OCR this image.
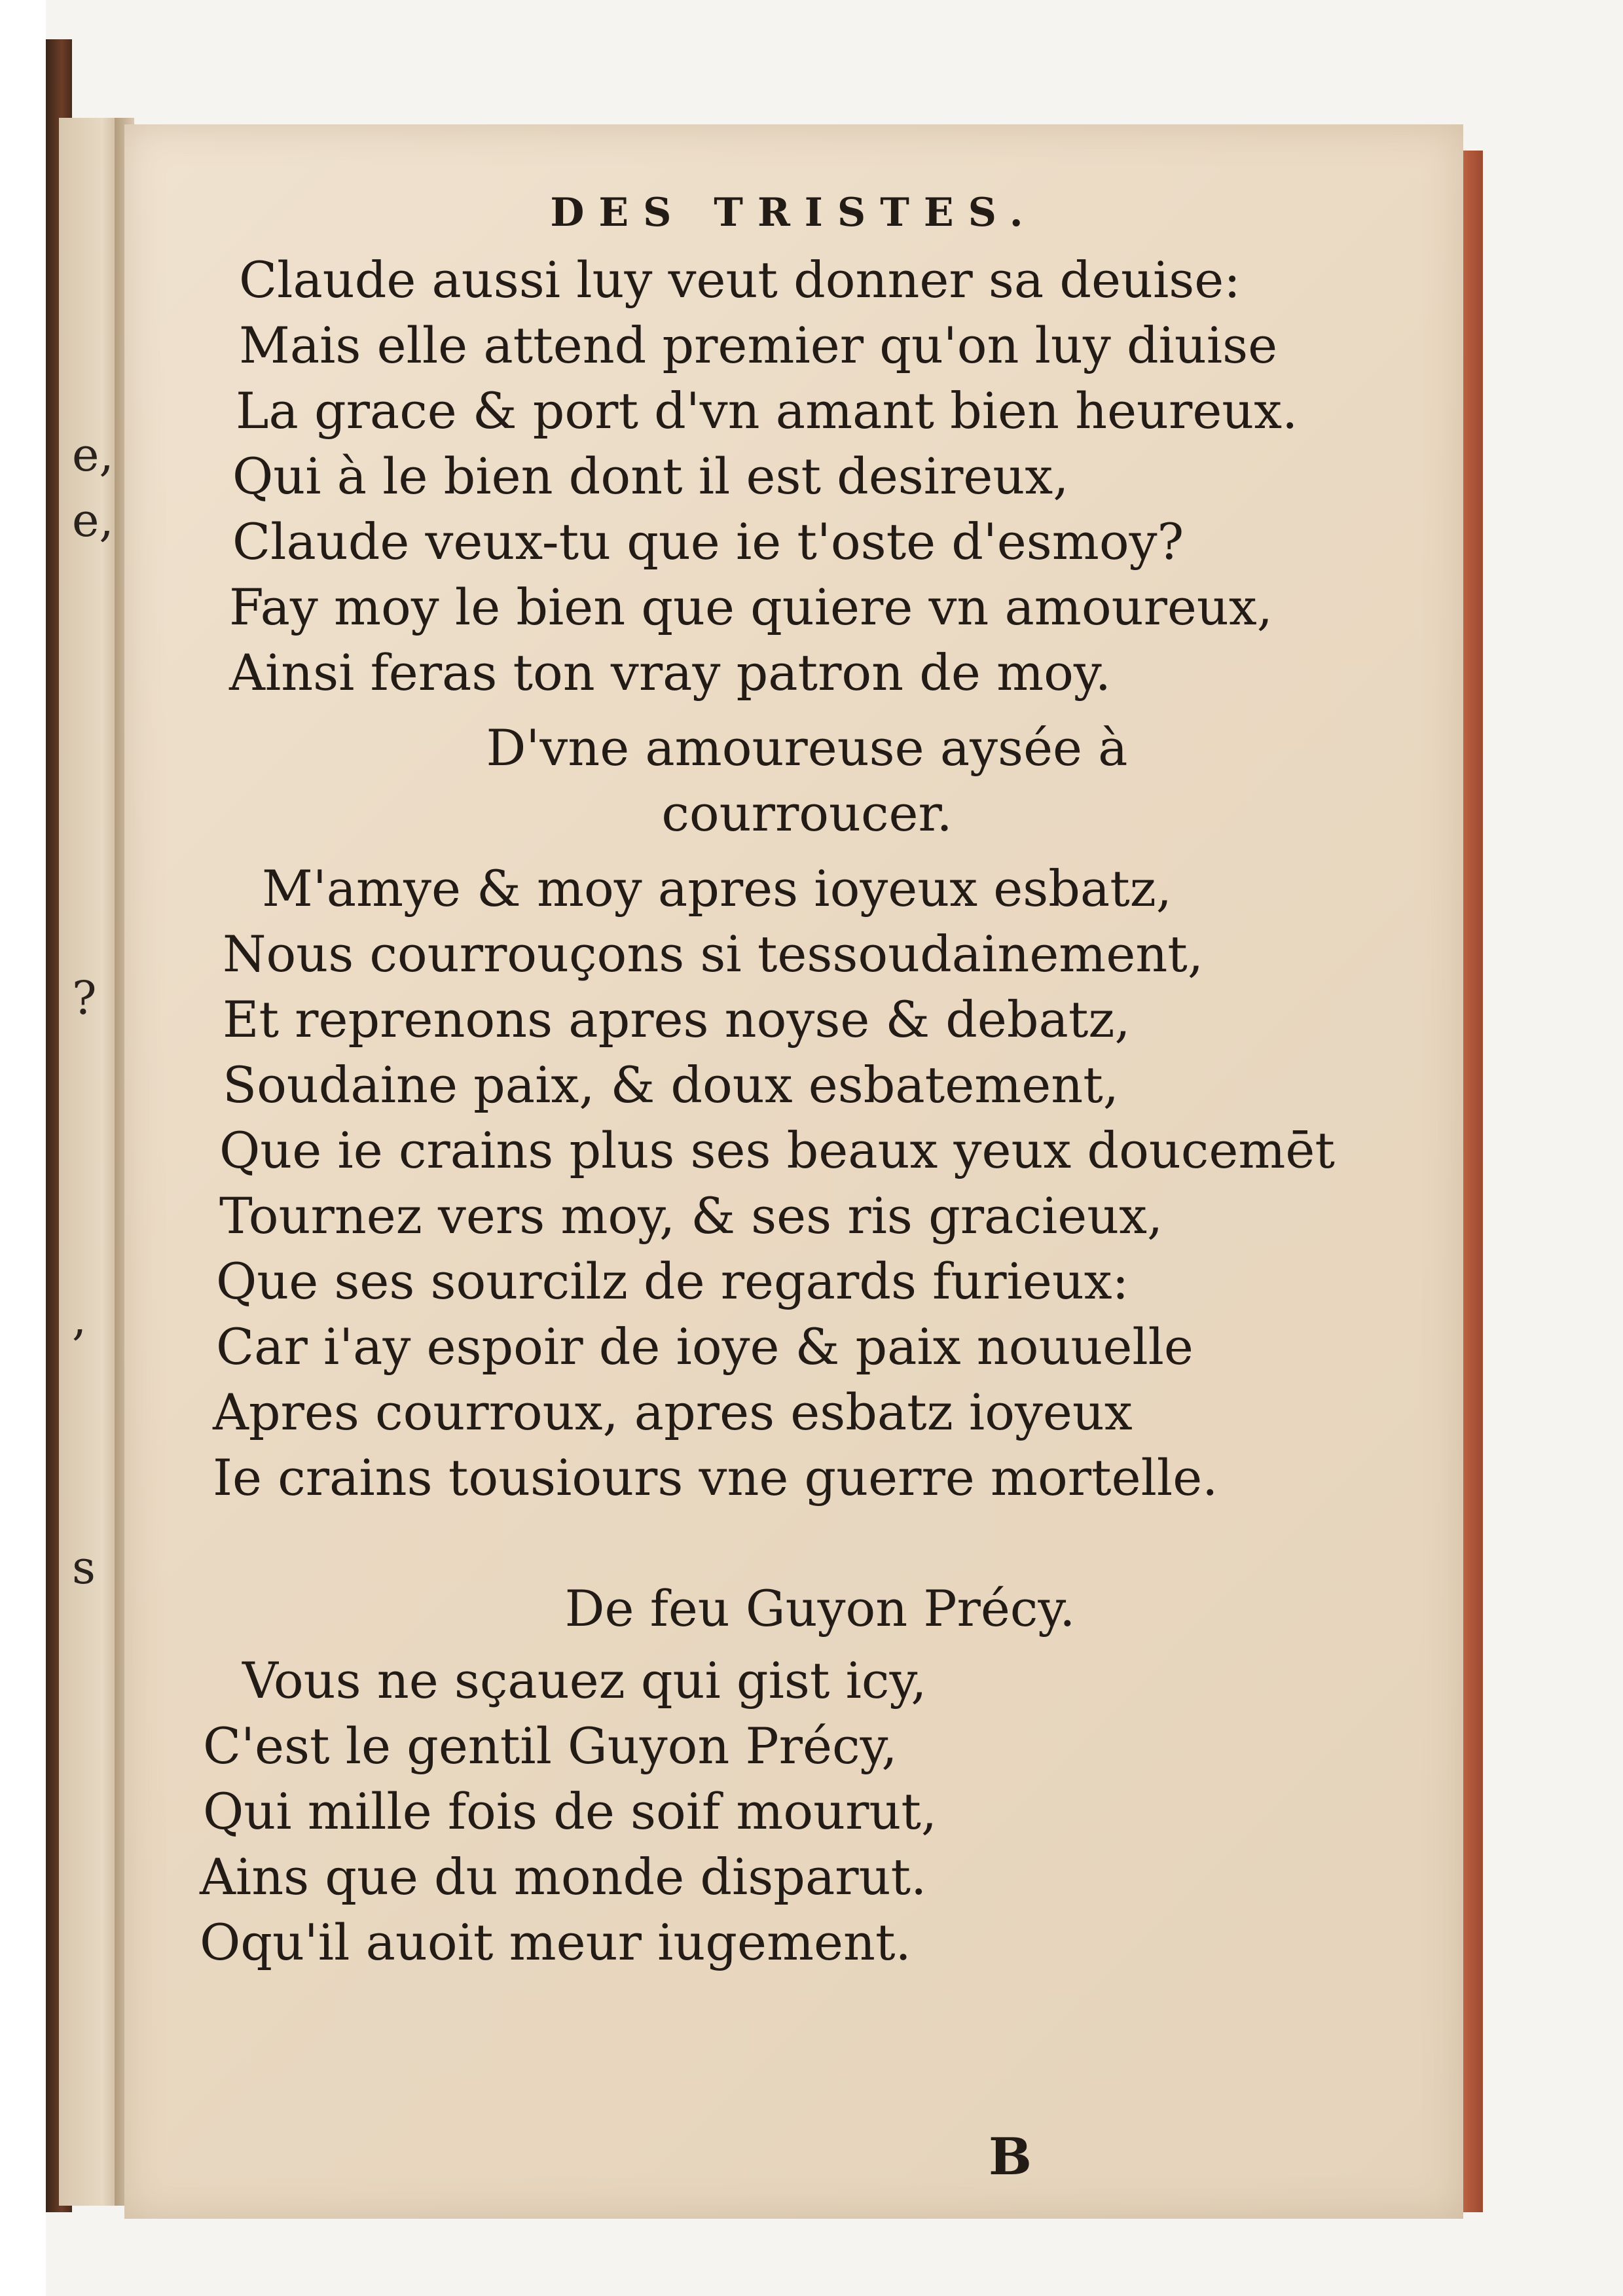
e,
e,
?
,
s
DES TRISTES.
Claude aussi luy veut donner sa deuise:
Mais elle attend premier qu'on luy diuise
La grace & port d'vn amant bien heureux.
Qui à le bien dont il est desireux,
Claude veux-tu que ie t'oste d'esmoy?
Fay moy le bien que quiere vn amoureux,
Ainsi feras ton vray patron de moy.
D'vne amoureuse aysée à
courroucer.
M'amye & moy apres ioyeux esbatz,
Nous courrouçons si tessoudainement,
Et reprenons apres noyse & debatz,
Soudaine paix, & doux esbatement,
Que ie crains plus ses beaux yeux doucemēt
Tournez vers moy, & ses ris gracieux,
Que ses sourcilz de regards furieux:
Car i'ay espoir de ioye & paix nouuelle
Apres courroux, apres esbatz ioyeux
Ie crains tousiours vne guerre mortelle.
De feu Guyon Précy.
Vous ne sçauez qui gist icy,
C'est le gentil Guyon Précy,
Qui mille fois de soif mourut,
Ains que du monde disparut.
Oqu'il auoit meur iugement.
B
